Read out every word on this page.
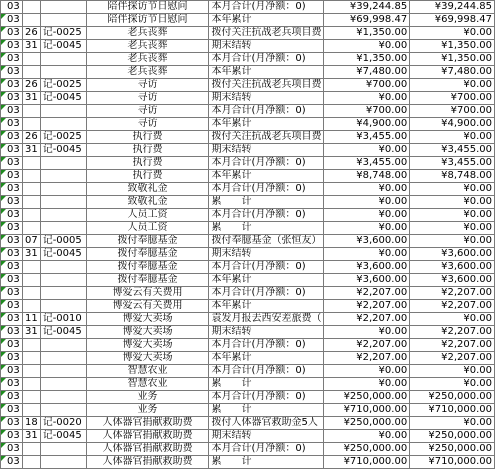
03			陪伴探访节日慰问	本月合计(月净额：0)	¥39,244.85	¥39,244.85
03			陪伴探访节日慰问	本年累计	¥69,998.47	¥69,998.47
03	26	记-0025	老兵丧葬	拨付关注抗战老兵项目费	¥1,350.00	¥0.00
03	31	记-0045	老兵丧葬	期末结转	¥0.00	¥1,350.00
03			老兵丧葬	本月合计(月净额：0)	¥1,350.00	¥1,350.00
03			老兵丧葬	本年累计	¥7,480.00	¥7,480.00
03	26	记-0025	寻访	拨付关注抗战老兵项目费	¥700.00	¥0.00
03	31	记-0045	寻访	期末结转	¥0.00	¥700.00
03			寻访	本月合计(月净额：0)	¥700.00	¥700.00
03			寻访	本年累计	¥4,900.00	¥4,900.00
03	26	记-0025	执行费	拨付关注抗战老兵项目费	¥3,455.00	¥0.00
03	31	记-0045	执行费	期末结转	¥0.00	¥3,455.00
03			执行费	本月合计(月净额：0)	¥3,455.00	¥3,455.00
03			执行费	本年累计	¥8,748.00	¥8,748.00
03			致敬礼金	本月合计(月净额：0)	¥0.00	¥0.00
03			致敬礼金	累　　计	¥0.00	¥0.00
03			人员工资	本月合计(月净额：0)	¥0.00	¥0.00
03			人员工资	累　　计	¥0.00	¥0.00
03	07	记-0005	拨付奉臆基金	拨付奉臆基金（张恒友）	¥3,600.00	¥0.00
03	31	记-0045	拨付奉臆基金	期末结转	¥0.00	¥3,600.00
03			拨付奉臆基金	本月合计(月净额：0)	¥3,600.00	¥3,600.00
03			拨付奉臆基金	本年累计	¥3,600.00	¥3,600.00
03			博爱云有关费用	本月合计(月净额：0)	¥2,207.00	¥2,207.00
03			博爱云有关费用	本年累计	¥2,207.00	¥2,207.00
03	11	记-0010	博爱大卖场	袁发月报去西安差旅费（	¥2,207.00	¥0.00
03	31	记-0045	博爱大卖场	期末结转	¥0.00	¥2,207.00
03			博爱大卖场	本月合计(月净额：0)	¥2,207.00	¥2,207.00
03			博爱大卖场	本年累计	¥2,207.00	¥2,207.00
03			智慧农业	本月合计(月净额：0)	¥0.00	¥0.00
03			智慧农业	累　　计	¥0.00	¥0.00
03			业务	本月合计(月净额：0)	¥250,000.00	¥250,000.00
03			业务	累　　计	¥710,000.00	¥710,000.00
03	18	记-0020	人体器官捐献救助费	拨付人体器官救助金5人	¥250,000.00	¥0.00
03	31	记-0045	人体器官捐献救助费	期末结转	¥0.00	¥250,000.00
03			人体器官捐献救助费	本月合计(月净额：0)	¥250,000.00	¥250,000.00
03			人体器官捐献救助费	累　　计	¥710,000.00	¥710,000.00
